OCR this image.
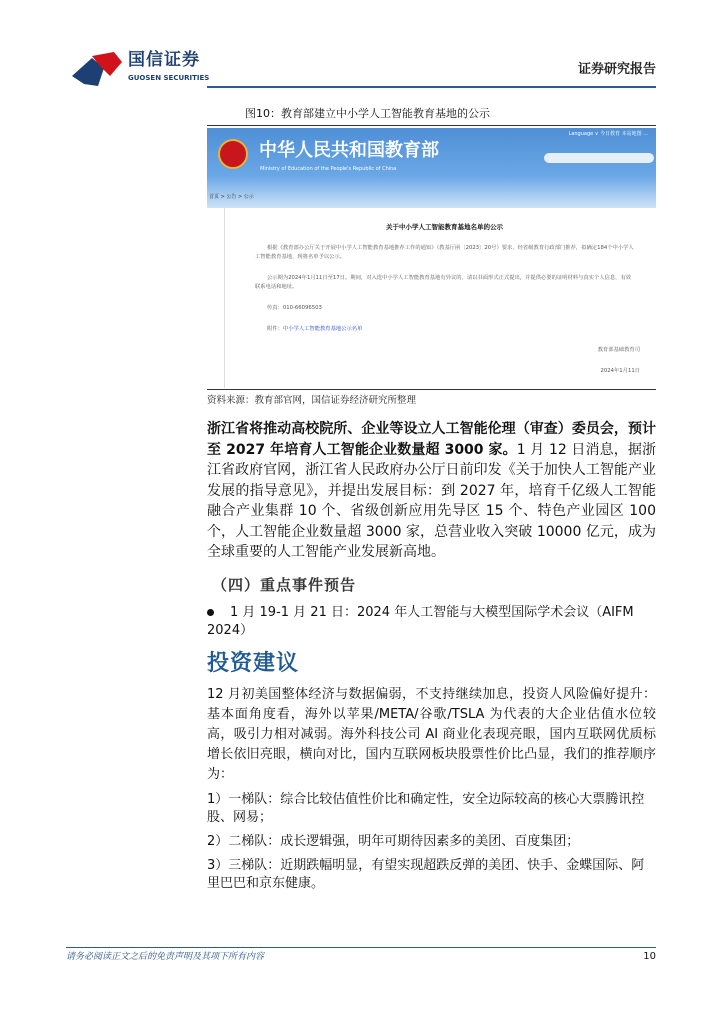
国信证券
GUOSEN SECURITIES
证券研究报告
图10：教育部建立中小学人工智能教育基地的公示
中华人民共和国教育部
Ministry of Education of the People's Republic of China
Language ∨ 今日教育 本站地图 ...
首页 > 公告 > 公示
关于中小学人工智能教育基地名单的公示
根据《教育部办公厅关于开展中小学人工智能教育基地推荐工作的通知》（教基厅函〔2023〕20号）要求，经省级教育行政部门推荐，拟确定184个中小学人工智能教育基地，现将名单予以公示。
公示期为2024年1月11日至17日。期间，对入选中小学人工智能教育基地有异议的，请以书面形式正式提出，并提供必要的证明材料与真实个人信息，有效联系电话和地址。
传真：010-66096503
附件：中小学人工智能教育基地公示名单
教育部基础教育司
2024年1月11日
资料来源：教育部官网，国信证券经济研究所整理
浙江省将推动高校院所、企业等设立人工智能伦理（审查）委员会，预计至 2027 年培育人工智能企业数量超 3000 家。1 月 12 日消息，据浙江省政府官网，浙江省人民政府办公厅日前印发《关于加快人工智能产业发展的指导意见》，并提出发展目标：到 2027 年，培育千亿级人工智能融合产业集群 10 个、省级创新应用先导区 15 个、特色产业园区 100 个，人工智能企业数量超 3000 家，总营业收入突破 10000 亿元，成为全球重要的人工智能产业发展新高地。
（四）重点事件预告
1 月 19-1 月 21 日：2024 年人工智能与大模型国际学术会议（AIFM 2024）
投资建议
12 月初美国整体经济与数据偏弱，不支持继续加息，投资人风险偏好提升：基本面角度看，海外以苹果/META/谷歌/TSLA 为代表的大企业估值水位较高，吸引力相对减弱。海外科技公司 AI 商业化表现亮眼，国内互联网优质标增长依旧亮眼，横向对比，国内互联网板块股票性价比凸显，我们的推荐顺序为：
1）一梯队：综合比较估值性价比和确定性，安全边际较高的核心大票腾讯控股、网易；
2）二梯队：成长逻辑强，明年可期待因素多的美团、百度集团；
3）三梯队：近期跌幅明显，有望实现超跌反弹的美团、快手、金蝶国际、阿里巴巴和京东健康。
请务必阅读正文之后的免责声明及其项下所有内容	10
